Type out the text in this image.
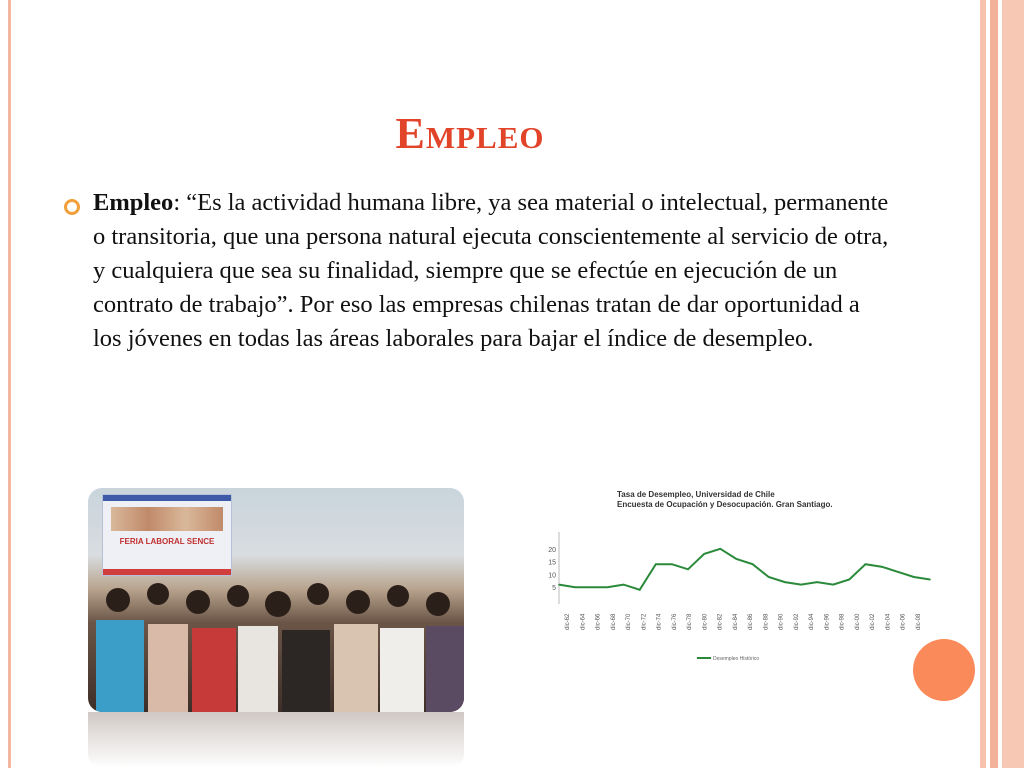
Empleo
Empleo: “Es la actividad humana libre, ya sea material o intelectual, permanente o transitoria, que una persona natural ejecuta conscientemente al servicio de otra, y cualquiera que sea su finalidad, siempre que se efectúe en ejecución de un contrato de trabajo”. Por eso las empresas chilenas tratan de dar oportunidad a los jóvenes en todas las áreas laborales para bajar el índice de desempleo.
FERIA LABORAL SENCE
Tasa de Desempleo, Universidad de Chile
Encuesta de Ocupación y Desocupación. Gran Santiago.
20
15
10
5
dic-62 dic-64 dic-66 dic-68 dic-70 dic-72 dic-74 dic-76 dic-78 dic-80 dic-82 dic-84 dic-86 dic-88 dic-90 dic-92 dic-94 dic-96 dic-98 dic-00 dic-02 dic-04 dic-06 dic-08
Desempleo Histórico
